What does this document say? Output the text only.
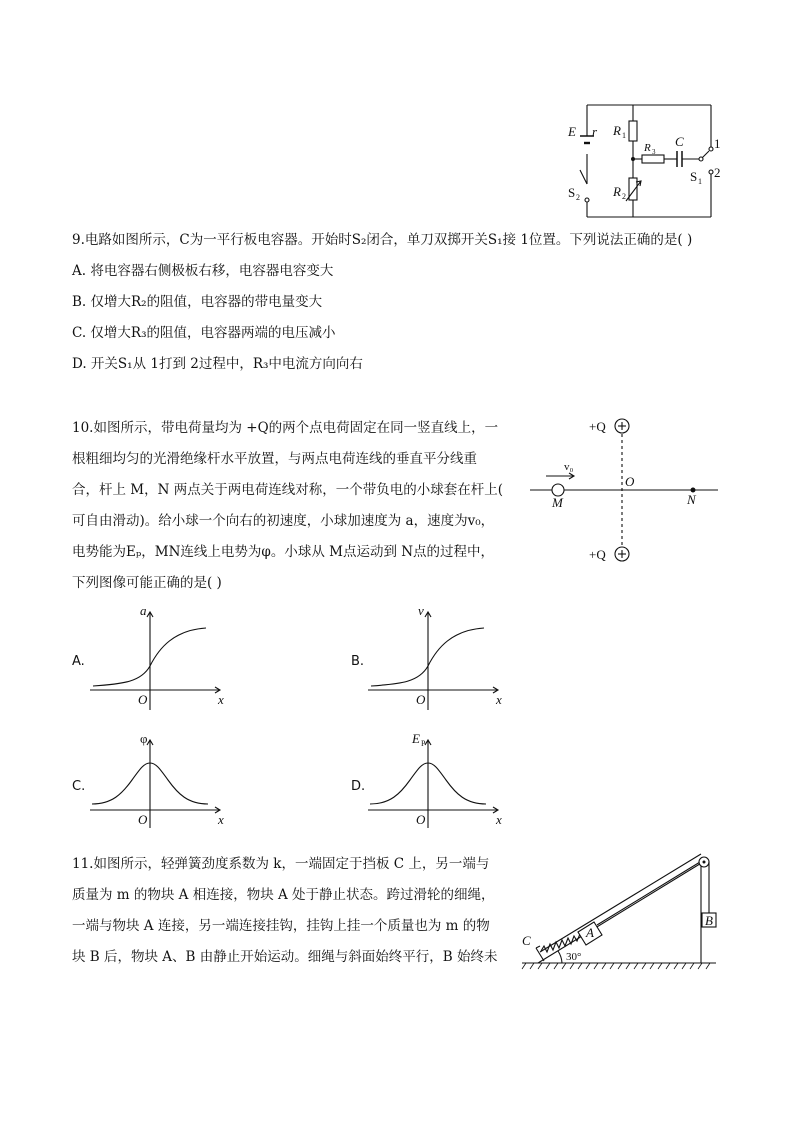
E r R 1
R 2
R 3
C
S 2
S 1
1
2
9.电路如图所示，C为一平行板电容器。开始时S₂闭合，单刀双掷开关S₁接 1位置。下列说法正确的是( )
A. 将电容器右侧极板右移，电容器电容变大
B. 仅增大R₂的阻值，电容器的带电量变大
C. 仅增大R₃的阻值，电容器两端的电压减小
D. 开关S₁从 1打到 2过程中，R₃中电流方向向右
10.如图所示，带电荷量均为 +Q的两个点电荷固定在同一竖直线上，一
根粗细均匀的光滑绝缘杆水平放置，与两点电荷连线的垂直平分线重
合，杆上 M，N 两点关于两电荷连线对称，一个带负电的小球套在杆上(
可自由滑动)。给小球一个向右的初速度，小球加速度为 a，速度为v₀，
电势能为Eₚ，MN连线上电势为φ。小球从 M点运动到 N点的过程中，
下列图像可能正确的是( )
+Q
+Q
v₀
M	N
O
A.
O	x
a
B.
O	x
v
C.
O	x
φ
D.
O	x
E P
11.如图所示，轻弹簧劲度系数为 k，一端固定于挡板 C 上，另一端与
质量为 m 的物块 A 相连接，物块 A 处于静止状态。跨过滑轮的细绳，
一端与物块 A 连接，另一端连接挂钩，挂钩上挂一个质量也为 m 的物
块 B 后，物块 A、B 由静止开始运动。细绳与斜面始终平行，B 始终未
C
A
B
30°
